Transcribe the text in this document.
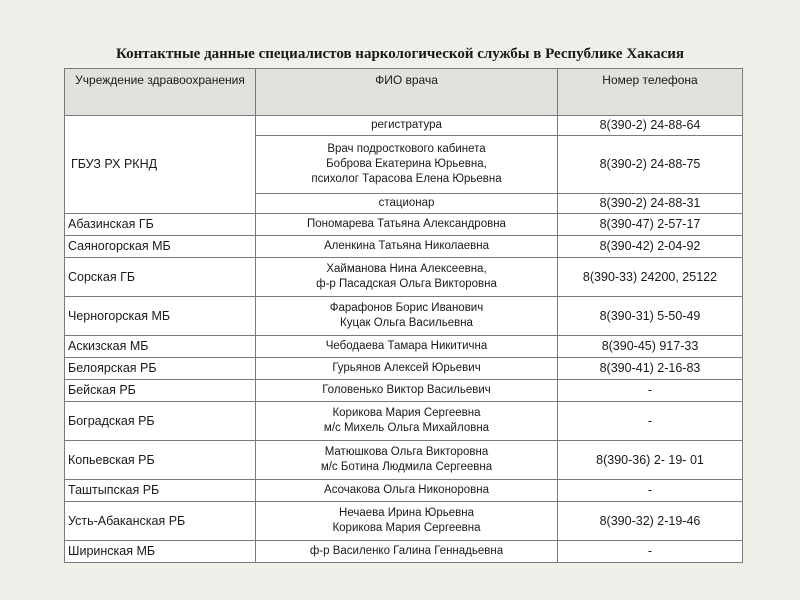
Контактные данные специалистов наркологической службы в Республике Хакасия
Учреждение здравоохранения	ФИО врача	Номер телефона
ГБУЗ РХ РКНД	регистратура	8(390-2) 24-88-64

	Врач подросткового кабинета
Боброва Екатерина Юрьевна,
психолог Тарасова Елена Юрьевна	8(390-2) 24-88-75
	стационар	8(390-2) 24-88-31
Абазинская ГБ	Пономарева Татьяна Александровна	8(390-47) 2-57-17
Саяногорская МБ	Аленкина Татьяна Николаевна	8(390-42) 2-04-92
Сорская ГБ	Хайманова Нина Алексеевна,
ф-р Пасадская Ольга Викторовна	8(390-33) 24200, 25122
Черногорская МБ	Фарафонов Борис Иванович
Куцак Ольга Васильевна	8(390-31) 5-50-49
Аскизская МБ	Чебодаева Тамара Никитична	8(390-45) 917-33
Белоярская РБ	Гурьянов Алексей Юрьевич	8(390-41) 2-16-83
Бейская РБ	Головенько Виктор Васильевич	-
Боградская РБ	Корикова Мария Сергеевна
м/с Михель Ольга Михайловна	-
Копьевская РБ	Матюшкова Ольга Викторовна
м/с Ботина Людмила Сергеевна	8(390-36) 2- 19- 01
Таштыпская РБ	Асочакова Ольга Никоноровна	-
Усть-Абаканская РБ	Нечаева Ирина Юрьевна
Корикова Мария Сергеевна	8(390-32) 2-19-46
Ширинская МБ	ф-р Василенко Галина Геннадьевна	-
